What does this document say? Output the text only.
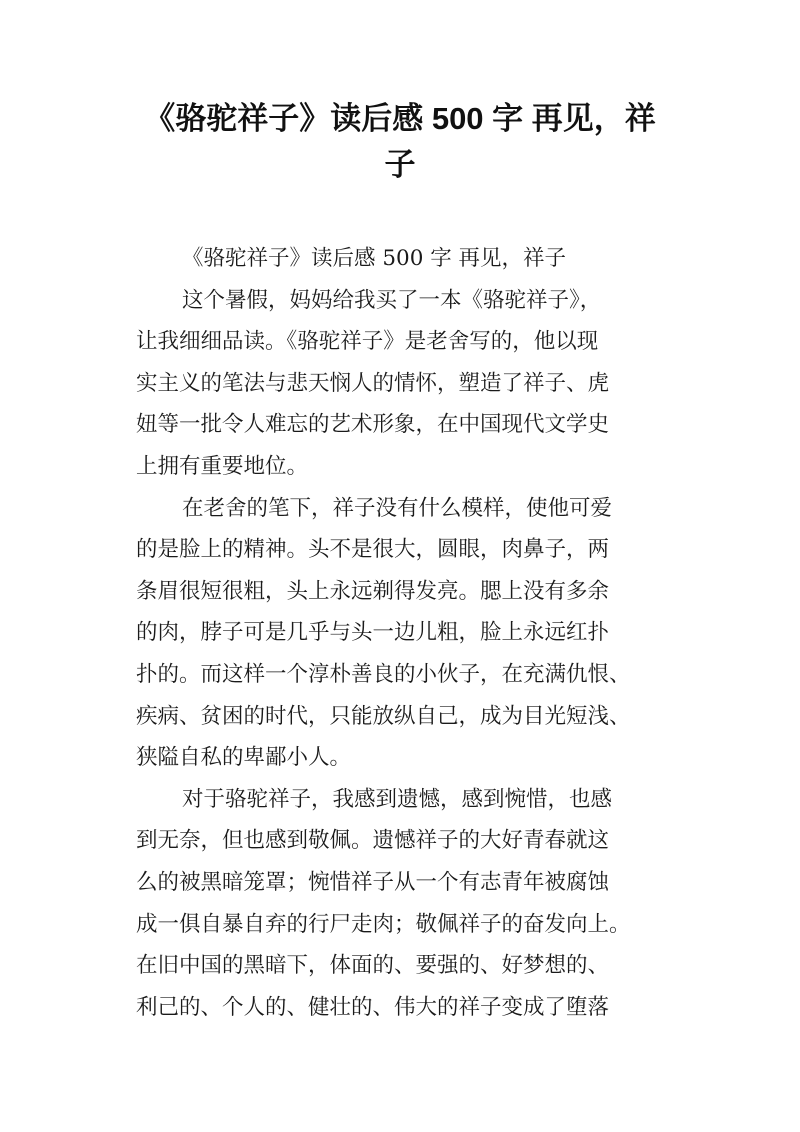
《骆驼祥子》读后感 500 字 再见，祥
子
《骆驼祥子》读后感 500 字 再见，祥子
这个暑假，妈妈给我买了一本《骆驼祥子》，
让我细细品读。《骆驼祥子》是老舍写的，他以现
实主义的笔法与悲天悯人的情怀，塑造了祥子、虎
妞等一批令人难忘的艺术形象，在中国现代文学史
上拥有重要地位。
在老舍的笔下，祥子没有什么模样，使他可爱
的是脸上的精神。头不是很大，圆眼，肉鼻子，两
条眉很短很粗，头上永远剃得发亮。腮上没有多余
的肉，脖子可是几乎与头一边儿粗，脸上永远红扑
扑的。而这样一个淳朴善良的小伙子，在充满仇恨、
疾病、贫困的时代，只能放纵自己，成为目光短浅、
狭隘自私的卑鄙小人。
对于骆驼祥子，我感到遗憾，感到惋惜，也感
到无奈，但也感到敬佩。遗憾祥子的大好青春就这
么的被黑暗笼罩；惋惜祥子从一个有志青年被腐蚀
成一俱自暴自弃的行尸走肉；敬佩祥子的奋发向上。
在旧中国的黑暗下，体面的、要强的、好梦想的、
利己的、个人的、健壮的、伟大的祥子变成了堕落
